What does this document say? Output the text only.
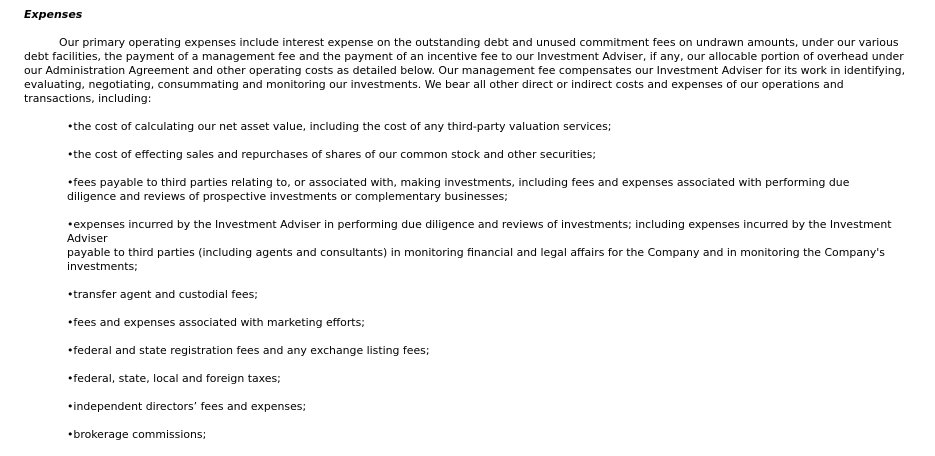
Expenses

Our primary operating expenses include interest expense on the outstanding debt and unused commitment fees on undrawn amounts, under our various debt facilities, the payment of a management fee and the payment of an incentive fee to our Investment Adviser, if any, our allocable portion of overhead under our Administration Agreement and other operating costs as detailed below. Our management fee compensates our Investment Adviser for its work in identifying, evaluating, negotiating, consummating and monitoring our investments. We bear all other direct or indirect costs and expenses of our operations and transactions, including:

•the cost of calculating our net asset value, including the cost of any third-party valuation services;
•the cost of effecting sales and repurchases of shares of our common stock and other securities;
•fees payable to third parties relating to, or associated with, making investments, including fees and expenses associated with performing due
diligence and reviews of prospective investments or complementary businesses;
•expenses incurred by the Investment Adviser in performing due diligence and reviews of investments; including expenses incurred by the Investment
Adviser
payable to third parties (including agents and consultants) in monitoring financial and legal affairs for the Company and in monitoring the Company's
investments;
•transfer agent and custodial fees;
•fees and expenses associated with marketing efforts;
•federal and state registration fees and any exchange listing fees;
•federal, state, local and foreign taxes;
•independent directors’ fees and expenses;
•brokerage commissions;
